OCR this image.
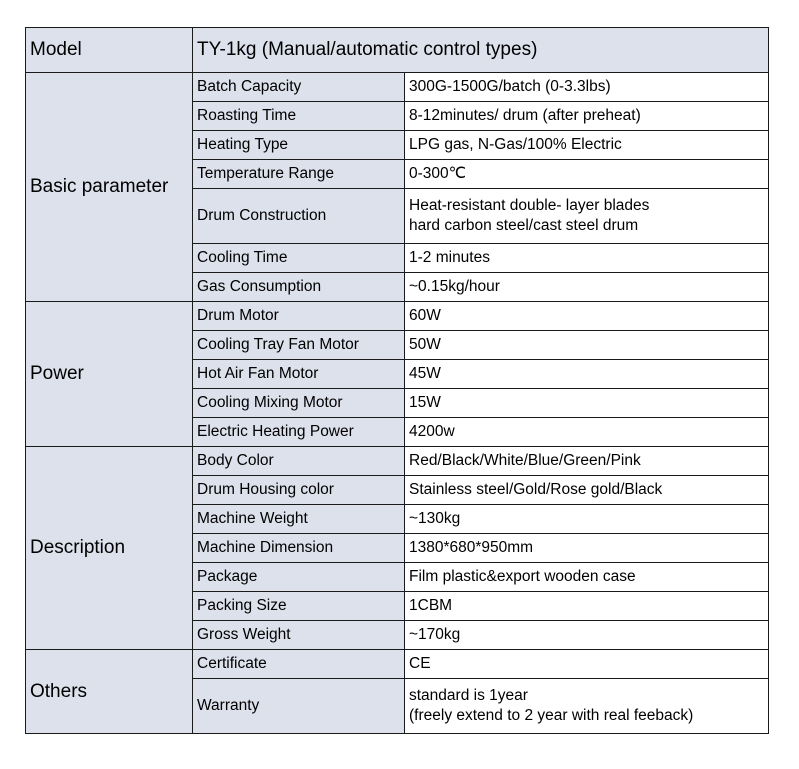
Model	TY-1kg (Manual/automatic control types)	
Basic parameter	Batch Capacity	300G-1500G/batch (0-3.3lbs)

	Roasting Time	8-12minutes/ drum (after preheat)

	Heating Type	LPG gas, N-Gas/100% Electric

	Temperature Range	0-300℃

	Drum Construction	Heat-resistant double- layer blades
hard carbon steel/cast steel drum

	Cooling Time	1-2 minutes

	Gas Consumption	~0.15kg/hour

Power	Drum Motor	60W

	Cooling Tray Fan Motor	50W

	Hot Air Fan Motor	45W

	Cooling Mixing Motor	15W

	Electric Heating Power	4200w

Description	Body Color	Red/Black/White/Blue/Green/Pink

	Drum Housing color	Stainless steel/Gold/Rose gold/Black

	Machine Weight	~130kg

	Machine Dimension	1380*680*950mm

	Package	Film plastic&export wooden case

	Packing Size	1CBM

	Gross Weight	~170kg

Others	Certificate	CE

	Warranty	standard is 1year
(freely extend to 2 year with real feeback)
